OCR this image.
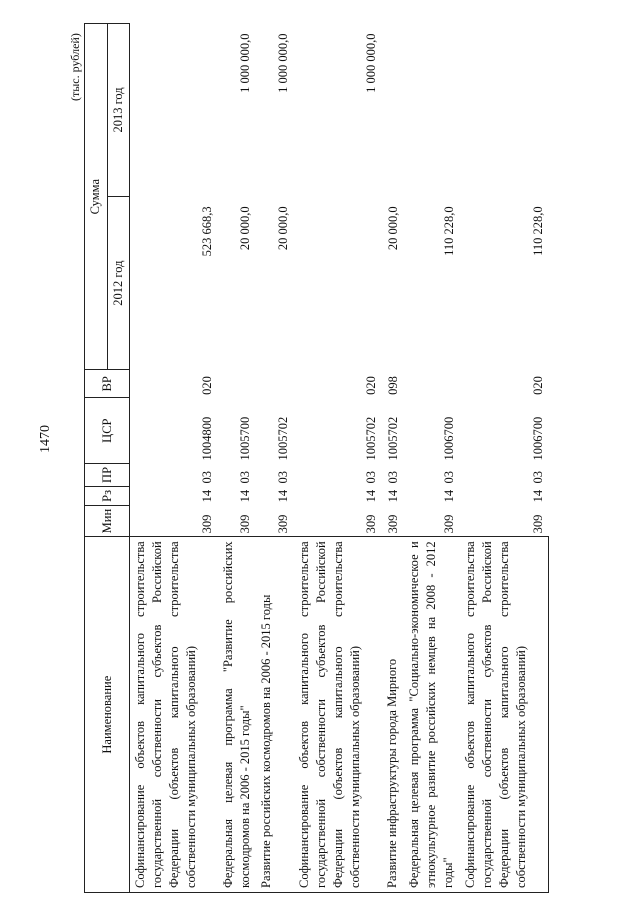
1470
(тыс. рублей)
Наименование	Мин	Рз	ПР	ЦСР	ВР	Сумма	
						2012 год	2013 год
Софинансирование объектов капитального строительства государственной собственности субъектов Российской Федерации (объектов капитального строительства собственности муниципальных образований)	309	14	03	1004800	020	523 668,3	
Федеральная целевая программа "Развитие российских космодромов на 2006 - 2015 годы"	309	14	03	1005700		20 000,0	1 000 000,0
Развитие российских космодромов на 2006 - 2015 годы	309	14	03	1005702		20 000,0	1 000 000,0
Софинансирование объектов капитального строительства государственной собственности субъектов Российской Федерации (объектов капитального строительства собственности муниципальных образований)	309	14	03	1005702	020		1 000 000,0
Развитие инфраструктуры города Мирного	309	14	03	1005702	098	20 000,0	
Федеральная целевая программа "Социально-экономическое и этнокультурное развитие российских немцев на 2008 - 2012 годы"	309	14	03	1006700		110 228,0	
Софинансирование объектов капитального строительства государственной собственности субъектов Российской Федерации (объектов капитального строительства собственности муниципальных образований)	309	14	03	1006700	020	110 228,0	
